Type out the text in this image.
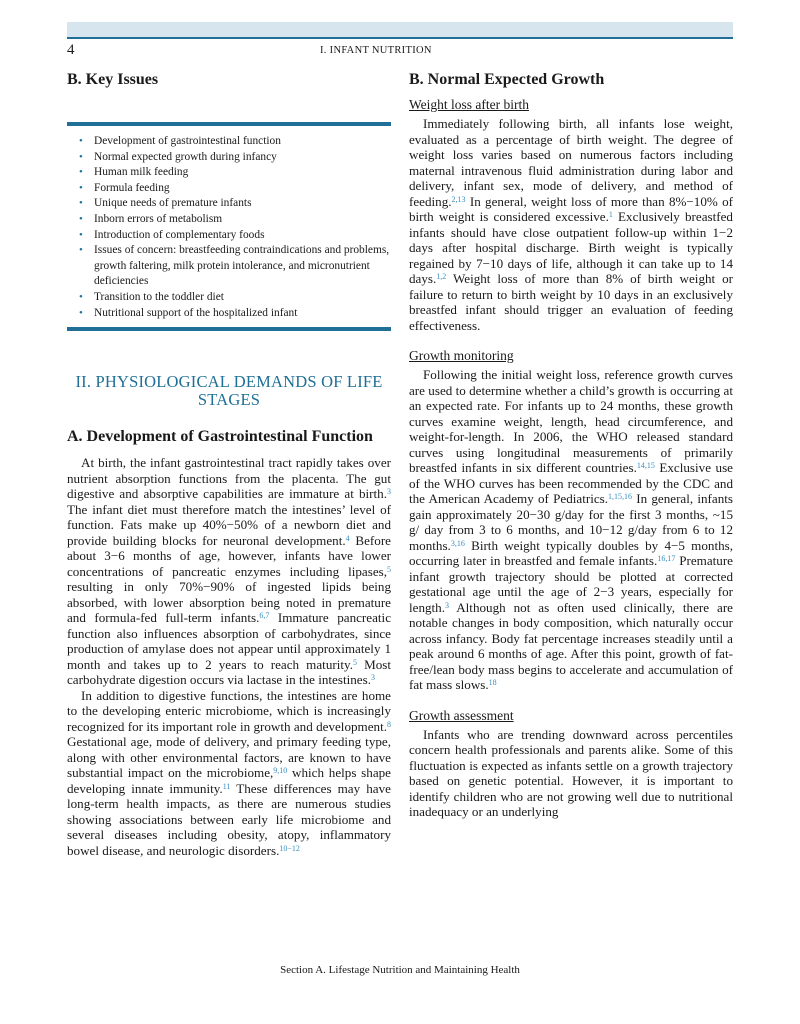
4	I. INFANT NUTRITION
B. Key Issues
• Development of gastrointestinal function
• Normal expected growth during infancy
• Human milk feeding
• Formula feeding
• Unique needs of premature infants
• Inborn errors of metabolism
• Introduction of complementary foods
• Issues of concern: breastfeeding contraindications and problems, growth faltering, milk protein intolerance, and micronutrient deficiencies
• Transition to the toddler diet
• Nutritional support of the hospitalized infant
II. PHYSIOLOGICAL DEMANDS OF LIFE STAGES
A. Development of Gastrointestinal Function

At birth, the infant gastrointestinal tract rapidly takes over nutrient absorption functions from the placenta. The gut digestive and absorptive capabilities are immature at birth.$^3$ The infant diet must therefore match the intestines’ level of function. Fats make up 40%−50% of a newborn diet and provide building blocks for neuronal development.$^4$ Before about 3−6 months of age, however, infants have lower concentrations of pancreatic enzymes including lipases,$^5$ resulting in only 70%−90% of ingested lipids being absorbed, with lower absorption being noted in premature and formula-fed full-term infants.$^{6,7}$ Immature pancreatic function also influences absorption of carbohydrates, since production of amylase does not appear until approximately 1 month and takes up to 2 years to reach maturity.$^5$ Most carbohydrate digestion occurs via lactase in the intestines.$^3$

In addition to digestive functions, the intestines are home to the developing enteric microbiome, which is increasingly recognized for its important role in growth and development.$^8$ Gestational age, mode of delivery, and primary feeding type, along with other environmental factors, are known to have substantial impact on the microbiome,$^{9,10}$ which helps shape developing innate immunity.$^{11}$ These differences may have long-term health impacts, as there are numerous studies showing associations between early life microbiome and several diseases including obesity, atopy, inflammatory bowel disease, and neurologic disorders.$^{10-12}$

B. Normal Expected Growth
Weight loss after birth

Immediately following birth, all infants lose weight, evaluated as a percentage of birth weight. The degree of weight loss varies based on numerous factors including maternal intravenous fluid administration during labor and delivery, infant sex, mode of delivery, and method of feeding.$^{2,13}$ In general, weight loss of more than 8%−10% of birth weight is considered excessive.$^1$ Exclusively breastfed infants should have close outpatient follow-up within 1−2 days after hospital discharge. Birth weight is typically regained by 7−10 days of life, although it can take up to 14 days.$^{1,2}$ Weight loss of more than 8% of birth weight or failure to return to birth weight by 10 days in an exclusively breastfed infant should trigger an evaluation of feeding effectiveness.

Growth monitoring

Following the initial weight loss, reference growth curves are used to determine whether a child’s growth is occurring at an expected rate. For infants up to 24 months, these growth curves examine weight, length, head circumference, and weight-for-length. In 2006, the WHO released standard curves using longitudinal measurements of primarily breastfed infants in six different countries.$^{14,15}$ Exclusive use of the WHO curves has been recommended by the CDC and the American Academy of Pediatrics.$^{1,15,16}$ In general, infants gain approximately 20−30 g/day for the first 3 months, ~15 g/ day from 3 to 6 months, and 10−12 g/day from 6 to 12 months.$^{3,16}$ Birth weight typically doubles by 4−5 months, occurring later in breastfed and female infants.$^{16,17}$ Premature infant growth trajectory should be plotted at corrected gestational age until the age of 2−3 years, especially for length.$^3$ Although not as often used clinically, there are notable changes in body composition, which naturally occur across infancy. Body fat percentage increases steadily until a peak around 6 months of age. After this point, growth of fat-free/lean body mass begins to accelerate and accumulation of fat mass slows.$^{18}$

Growth assessment

Infants who are trending downward across percentiles concern health professionals and parents alike. Some of this fluctuation is expected as infants settle on a growth trajectory based on genetic potential. However, it is important to identify children who are not growing well due to nutritional inadequacy or an underlying

Section A. Lifestage Nutrition and Maintaining Health
